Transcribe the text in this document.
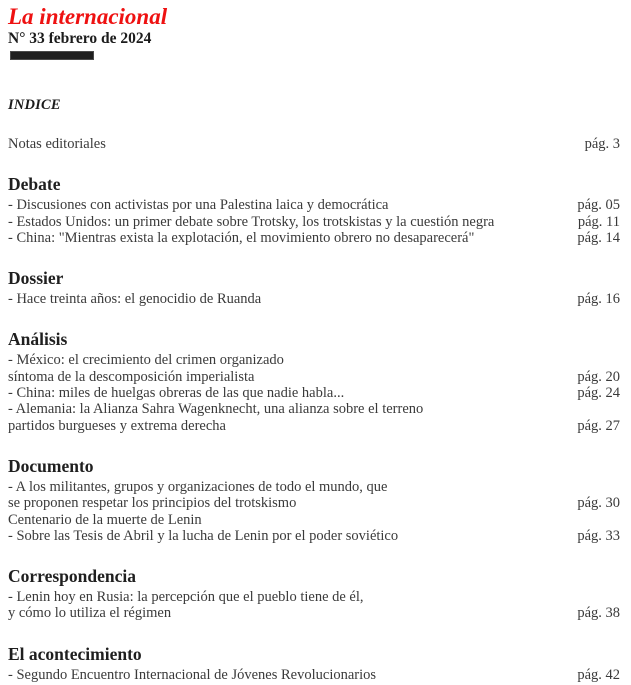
La internacional
N° 33 febrero de 2024
INDICE
Notas editoriales	pág. 3
Debate
- Discusiones con activistas por una Palestina laica y democrática	pág. 05
- Estados Unidos: un primer debate sobre Trotsky, los trotskistas y la cuestión negra	pág. 11
- China: "Mientras exista la explotación, el movimiento obrero no desaparecerá"	pág. 14
Dossier
- Hace treinta años: el genocidio de Ruanda	pág. 16
Análisis
- México: el crecimiento del crimen organizado
síntoma de la descomposición imperialista	pág. 20
- China: miles de huelgas obreras de las que nadie habla...	pág. 24
- Alemania: la Alianza Sahra Wagenknecht, una alianza sobre el terreno
partidos burgueses y extrema derecha	pág. 27
Documento
- A los militantes, grupos y organizaciones de todo el mundo, que
se proponen respetar los principios del trotskismo	pág. 30
Centenario de la muerte de Lenin
- Sobre las Tesis de Abril y la lucha de Lenin por el poder soviético	pág. 33
Correspondencia
- Lenin hoy en Rusia: la percepción que el pueblo tiene de él,
y cómo lo utiliza el régimen	pág. 38
El acontecimiento
- Segundo Encuentro Internacional de Jóvenes Revolucionarios	pág. 42
